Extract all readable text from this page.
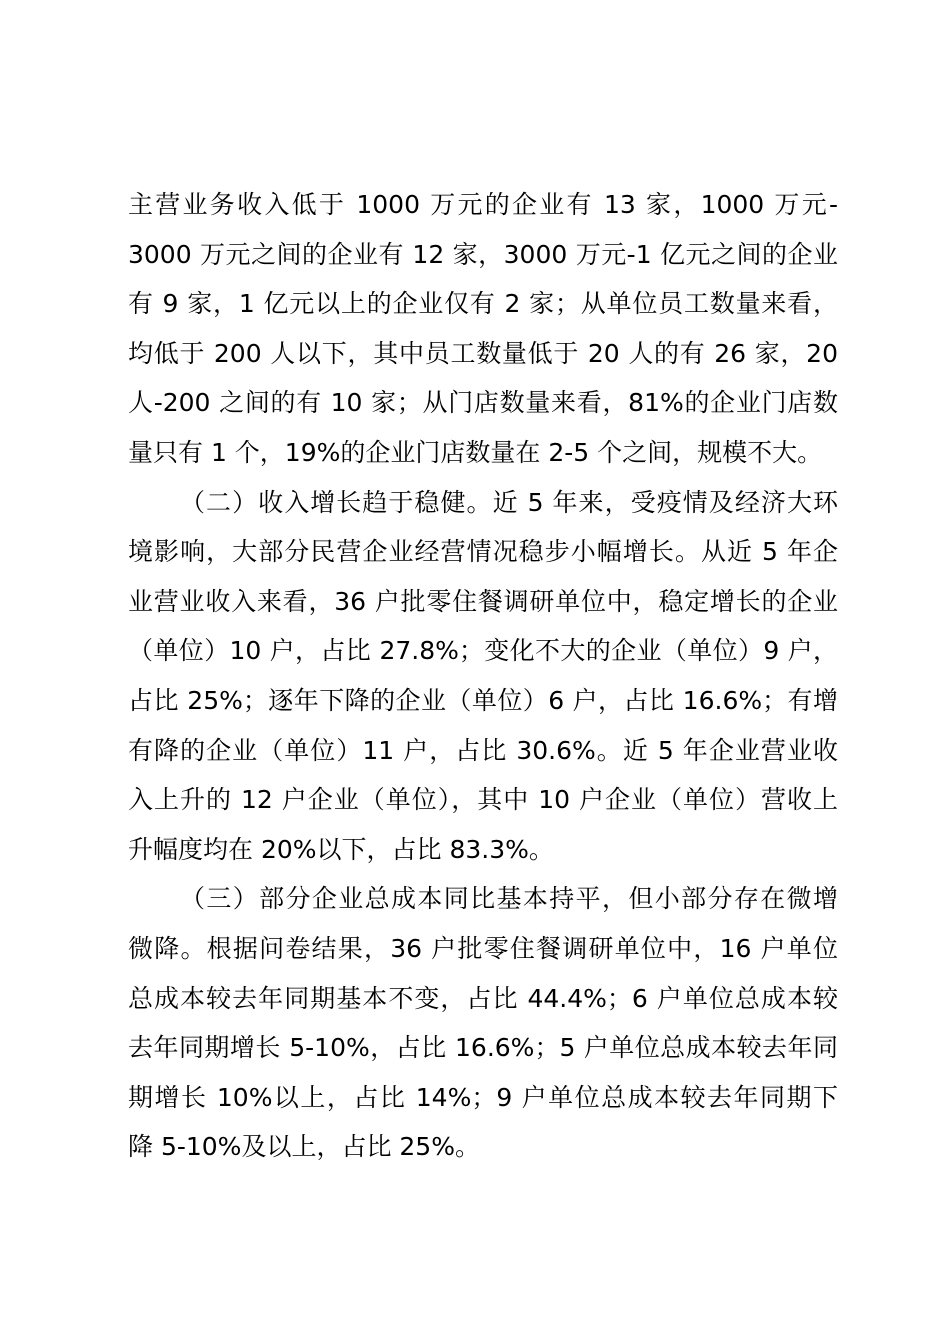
主营业务收入低于 1000 万元的企业有 13 家，1000 万元-
3000 万元之间的企业有 12 家，3000 万元-1 亿元之间的企业
有 9 家，1 亿元以上的企业仅有 2 家；从单位员工数量来看，
均低于 200 人以下，其中员工数量低于 20 人的有 26 家，20
人-200 之间的有 10 家；从门店数量来看，81%的企业门店数
量只有 1 个，19%的企业门店数量在 2-5 个之间，规模不大。
（二）收入增长趋于稳健。近 5 年来，受疫情及经济大环
境影响，大部分民营企业经营情况稳步小幅增长。从近 5 年企
业营业收入来看，36 户批零住餐调研单位中，稳定增长的企业
（单位）10 户，占比 27.8%；变化不大的企业（单位）9 户，
占比 25%；逐年下降的企业（单位）6 户，占比 16.6%；有增
有降的企业（单位）11 户，占比 30.6%。近 5 年企业营业收
入上升的 12 户企业（单位），其中 10 户企业（单位）营收上
升幅度均在 20%以下，占比 83.3%。
（三）部分企业总成本同比基本持平，但小部分存在微增
微降。根据问卷结果，36 户批零住餐调研单位中，16 户单位
总成本较去年同期基本不变，占比 44.4%；6 户单位总成本较
去年同期增长 5-10%，占比 16.6%；5 户单位总成本较去年同
期增长 10%以上，占比 14%；9 户单位总成本较去年同期下
降 5-10%及以上，占比 25%。
